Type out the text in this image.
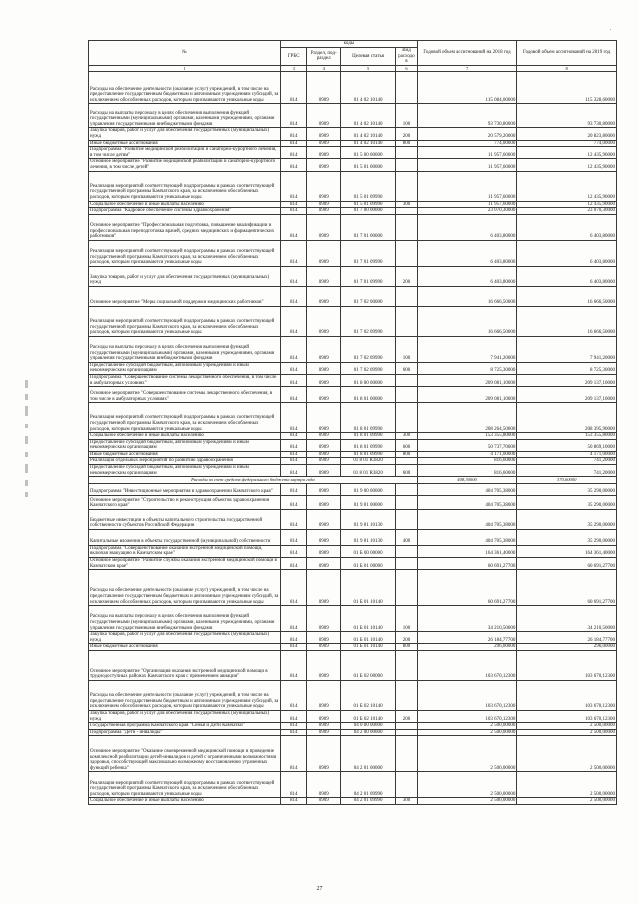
.
№	коды				Годовой объем ассигнований на 2018 год	Годовой объем ассигнований на 2019 год
	ГРБС	Раздел, под-раздел	Целевая статья	Вид расходов		
1	3	4	5	6	7	8
Расходы на обеспечение деятельности (оказание услуг) учреждений, в том числе на предоставление государственным бюджетным и автономным учреждениям субсидий, за исключением обособленных расходов, которым присваиваются уникальные коды	814	0909	01 4 02 10140		115 084,00000	115 328,60000
Расходы на выплаты персоналу в целях обеспечения выполнения функций государственными (муниципальными) органами, казенными учреждениями, органами управления государственными внебюджетными фондами	814	0909	01 4 02 10140	100	93 730,80000	93 730,80000
Закупка товаров, работ и услуг для обеспечения государственных (муниципальных) нужд	814	0909	01 4 02 10140	200	20 579,20000	20 823,80000
Иные бюджетные ассигнования	814	0909	01 4 02 10140	800	774,00000	774,00000
Подпрограмма "Развитие медицинской реабилитации и санаторно-курортного лечения, в том числе детям"	814	0909	01 5 00 00000		11 957,60000	12 435,90000
Основное мероприятие "Развитие медицинской реабилитации и санаторно-курортного лечения, в том числе детей"	814	0909	01 5 01 00000		11 957,60000	12 435,90000
Реализация мероприятий соответствующей подпрограммы в рамках соответствующей государственной программы Камчатского края, за исключением обособленных расходов, которым присваиваются уникальные коды	814	0909	01 5 01 09990		11 957,60000	12 435,90000
Социальное обеспечение и иные выплаты населению	814	0909	01 5 01 09990	300	11 957,60000	12 435,90000
Подпрограмма "Кадровое обеспечение системы здравоохранения"	814	0909	01 7 00 00000		23 070,30000	23 070,30000
Основное мероприятие "Профессиональная подготовка, повышение квалификации и профессиональная переподготовка врачей, средних медицинских и фармацевтических работников"	814	0909	01 7 01 00000		6 403,80000	6 403,80000
Реализация мероприятий соответствующей подпрограммы в рамках соответствующей государственной программы Камчатского края, за исключением обособленных расходов, которым присваиваются уникальные коды	814	0909	01 7 01 09990		6 403,80000	6 403,80000
Закупка товаров, работ и услуг для обеспечения государственных (муниципальных) нужд	814	0909	01 7 01 09990	200	6 403,80000	6 403,80000
Основное мероприятие "Меры социальной поддержки медицинских работников"	814	0909	01 7 02 00000		16 666,50000	16 666,50000
Реализация мероприятий соответствующей подпрограммы в рамках соответствующей государственной программы Камчатского края, за исключением обособленных расходов, которым присваиваются уникальные коды	814	0909	01 7 02 09990		16 666,50000	16 666,50000
Расходы на выплаты персоналу в целях обеспечения выполнения функций государственными (муниципальными) органами, казенными учреждениями, органами управления государственными внебюджетными фондами	814	0909	01 7 02 09990	100	7 941,20000	7 941,20000
Предоставление субсидий бюджетным, автономным учреждениям и иным некоммерческим организациям	814	0909	01 7 02 09990	600	8 725,30000	8 725,30000
Подпрограмма "Совершенствование системы лекарственного обеспечения, в том числе в амбулаторных условиях"	814	0909	01 8 00 00000		209 081,10000	209 137,10000
Основное мероприятие "Совершенствование системы лекарственного обеспечения, в том числе в амбулаторных условиях"	814	0909	01 8 01 00000		209 081,10000	209 137,10000
Реализация мероприятий соответствующей подпрограммы в рамках соответствующей государственной программы Камчатского края, за исключением обособленных расходов, которым присваиваются уникальные коды	814	0909	01 8 01 09990		208 264,50000	208 395,90000
Социальное обеспечение и иные выплаты населению	814	0909	01 8 01 09990	300	153 355,80000	153 355,80000
Предоставление субсидий бюджетным, автономным учреждениям и иным некоммерческим организациям	814	0909	01 8 01 09990	600	50 737,70000	50 869,10000
Иные бюджетные ассигнования	814	0909	01 8 01 09990	800	4 171,00000	4 171,00000
Реализация отдельных мероприятий по развитию здравоохранения	814	0909	01 8 01 R3820		816,60000	741,20000
Предоставление субсидий бюджетным, автономным учреждениям и иным некоммерческим организациям	814	0909	01 8 01 R3820	600	816,60000	741,20000
Расходы за счет средств федерального бюджета внутри года					408,30000	370,60000
Подпрограмма "Инвестиционные мероприятия в здравоохранении Камчатского края"	814	0909	01 9 00 00000		404 705,38000	35 290,00000
Основное мероприятие "Строительство и реконструкция объектов здравоохранения Камчатского края"	814	0909	01 9 01 00000		404 705,38000	35 290,00000
Бюджетные инвестиции в объекты капитального строительства государственной собственности субъектов Российской Федерации	814	0909	01 9 01 10130		404 705,38000	35 290,00000
Капитальные вложения в объекты государственной (муниципальной) собственности	814	0909	01 9 01 10130	400	404 705,38000	35 290,00000
Подпрограмма "Совершенствование оказания экстренной медицинской помощи, включая эвакуацию в Камчатском крае"	814	0909	01 Б 00 00000		164 361,40000	164 361,40000
Основное мероприятие "Развитие службы оказания экстренной медицинской помощи в Камчатском крае"	814	0909	01 Б 01 00000		60 691,27700	60 691,27700
Расходы на обеспечение деятельности (оказание услуг) учреждений, в том числе на предоставление государственным бюджетным и автономным учреждениям субсидий, за исключением обособленных расходов, которым присваиваются уникальные коды	814	0909	01 Б 01 10140		60 691,27700	60 691,27700
Расходы на выплаты персоналу в целях обеспечения выполнения функций государственными (муниципальными) органами, казенными учреждениями, органами управления государственными внебюджетными фондами	814	0909	01 Б 01 10140	100	34 210,50000	34 210,50000
Закупка товаров, работ и услуг для обеспечения государственных (муниципальных) нужд	814	0909	01 Б 01 10140	200	26 184,77700	26 184,77700
Иные бюджетные ассигнования	814	0909	01 Б 01 10140	800	296,00000	296,00000
Основное мероприятие "Организация оказания экстренной медицинской помощи в труднодоступных районах Камчатского края с применением авиации"	814	0909	01 Б 02 00000		103 670,12300	103 670,12300
Расходы на обеспечение деятельности (оказание услуг) учреждений, в том числе на предоставление государственным бюджетным и автономным учреждениям субсидий, за исключением обособленных расходов, которым присваиваются уникальные коды	814	0909	01 Б 02 10140		103 670,12300	103 670,12300
Закупка товаров, работ и услуг для обеспечения государственных (муниципальных) нужд	814	0909	01 Б 02 10140	200	103 670,12300	103 670,12300
Государственная программа Камчатского края "Семья и Дети Камчатки"	814	0909	04 0 00 00000		2 500,00000	2 500,00000
Подпрограмма "Дети - инвалиды"	814	0909	04 2 00 00000		2 500,00000	2 500,00000
Основное мероприятие "Оказание своевременной медицинской помощи и проведение комплексной реабилитации детей-инвалидов и детей с ограниченными возможностями здоровья, способствующей максимально возможному восстановлению утраченных функций ребенка"	814	0909	04 2 01 00000		2 500,00000	2 500,00000
Реализация мероприятий соответствующей подпрограммы в рамках соответствующей государственной программы Камчатского края, за исключением обособленных расходов, которым присваиваются уникальные коды	814	0909	04 2 01 09990		2 500,00000	2 500,00000
Социальное обеспечение и иные выплаты населению	814	0909	04 2 01 09990	300	2 500,00000	2 500,00000
27
